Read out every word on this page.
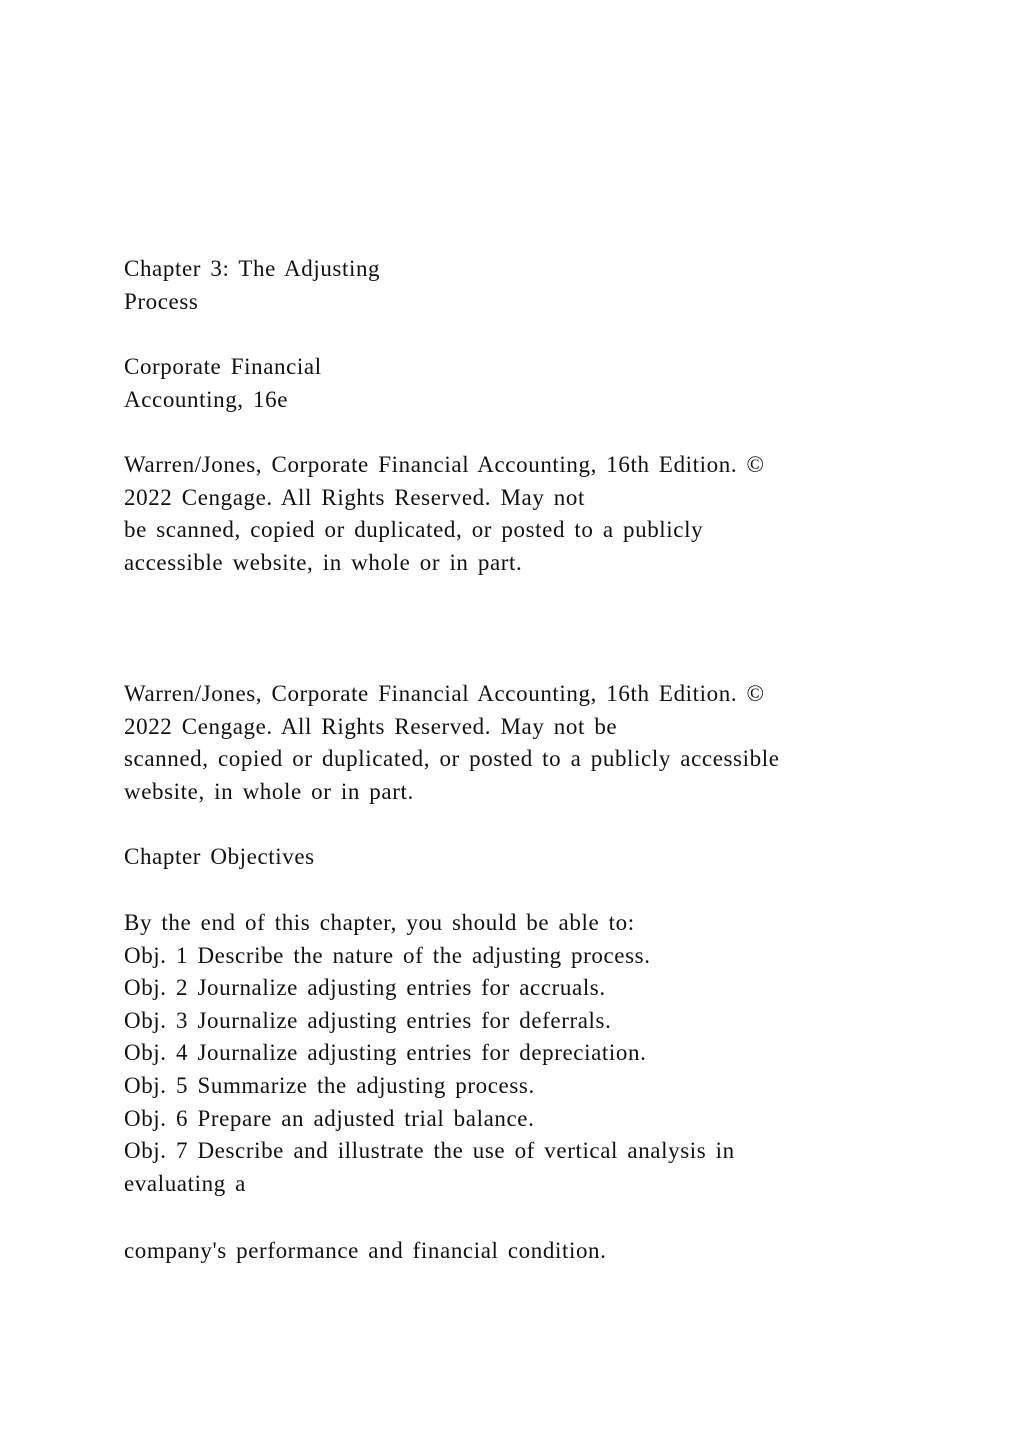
Chapter 3: The Adjusting
Process
Corporate Financial
Accounting, 16e
Warren/Jones, Corporate Financial Accounting, 16th Edition. ©
2022 Cengage. All Rights Reserved. May not
be scanned, copied or duplicated, or posted to a publicly
accessible website, in whole or in part.
Warren/Jones, Corporate Financial Accounting, 16th Edition. ©
2022 Cengage. All Rights Reserved. May not be
scanned, copied or duplicated, or posted to a publicly accessible
website, in whole or in part.
Chapter Objectives
By the end of this chapter, you should be able to:
Obj. 1 Describe the nature of the adjusting process.
Obj. 2 Journalize adjusting entries for accruals.
Obj. 3 Journalize adjusting entries for deferrals.
Obj. 4 Journalize adjusting entries for depreciation.
Obj. 5 Summarize the adjusting process.
Obj. 6 Prepare an adjusted trial balance.
Obj. 7 Describe and illustrate the use of vertical analysis in
evaluating a
company's performance and financial condition.
